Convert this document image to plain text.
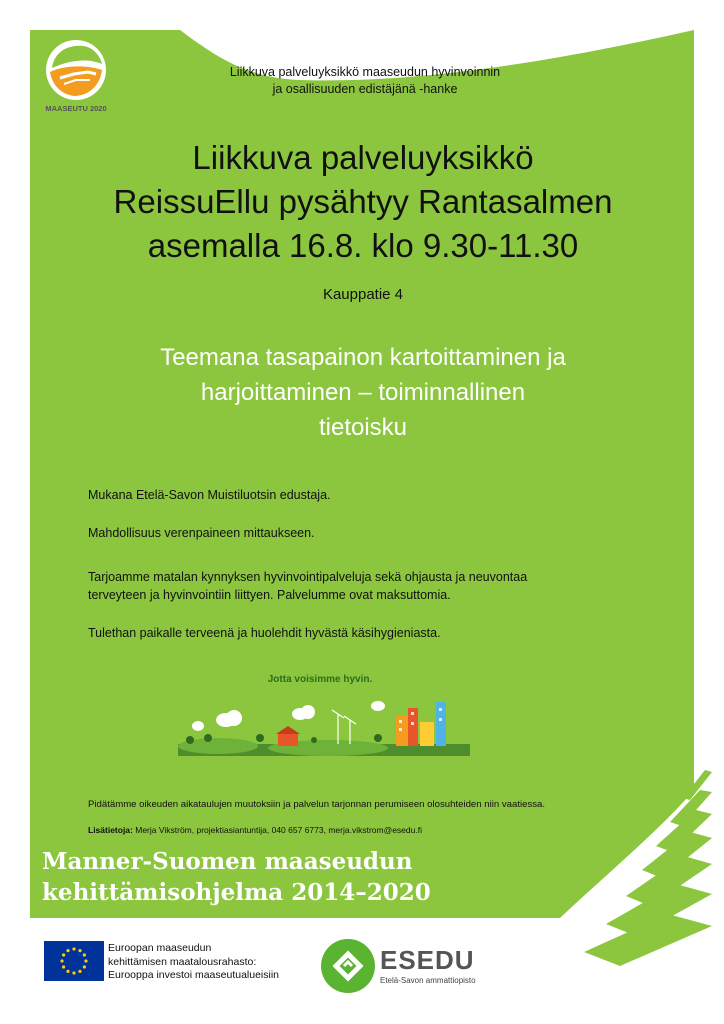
MAASEUTU 2020
Liikkuva palveluyksikkö maaseudun hyvinvoinnin
ja osallisuuden edistäjänä -hanke
Liikkuva palveluyksikkö
ReissuEllu pysähtyy Rantasalmen
asemalla 16.8. klo 9.30-11.30
Kauppatie 4
Teemana tasapainon kartoittaminen ja
harjoittaminen – toiminnallinen
tietoisku
Mukana Etelä-Savon Muistiluotsin edustaja.
Mahdollisuus verenpaineen mittaukseen.
Tarjoamme matalan kynnyksen hyvinvointipalveluja sekä ohjausta ja neuvontaa
terveyteen ja hyvinvointiin liittyen. Palvelumme ovat maksuttomia.
Tulethan paikalle terveenä ja huolehdit hyvästä käsihygieniasta.
Jotta voisimme hyvin.
Pidätämme oikeuden aikataulujen muutoksiin ja palvelun tarjonnan perumiseen olosuhteiden niin vaatiessa.
Lisätietoja: Merja Vikström, projektiasiantuntija, 040 657 6773, merja.vikstrom@esedu.fi
Manner-Suomen maaseudun
kehittämisohjelma 2014–2020
Euroopan maaseudun
kehittämisen maatalousrahasto:
Eurooppa investoi maaseutualueisiin	ESEDU
Etelä-Savon ammattiopisto
